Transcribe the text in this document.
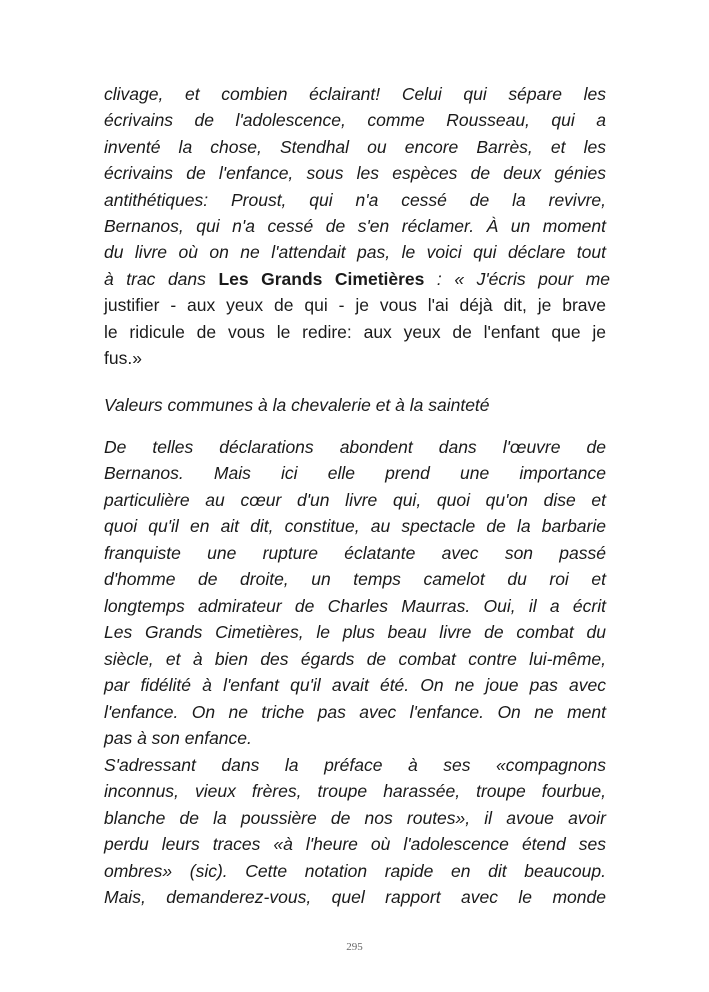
clivage, et combien éclairant! Celui qui sépare les
écrivains de l'adolescence, comme Rousseau, qui a
inventé la chose, Stendhal ou encore Barrès, et les
écrivains de l'enfance, sous les espèces de deux génies
antithétiques: Proust, qui n'a cessé de la revivre,
Bernanos, qui n'a cessé de s'en réclamer. À un moment
du livre où on ne l'attendait pas, le voici qui déclare tout
à trac dans Les Grands Cimetières : « J'écris pour me
justifier - aux yeux de qui - je vous l'ai déjà dit, je brave
le ridicule de vous le redire: aux yeux de l'enfant que je
fus.»
Valeurs communes à la chevalerie et à la sainteté
De telles déclarations abondent dans l'œuvre de
Bernanos. Mais ici elle prend une importance
particulière au cœur d'un livre qui, quoi qu'on dise et
quoi qu'il en ait dit, constitue, au spectacle de la barbarie
franquiste une rupture éclatante avec son passé
d'homme de droite, un temps camelot du roi et
longtemps admirateur de Charles Maurras. Oui, il a écrit
Les Grands Cimetières, le plus beau livre de combat du
siècle, et à bien des égards de combat contre lui-même,
par fidélité à l'enfant qu'il avait été. On ne joue pas avec
l'enfance. On ne triche pas avec l'enfance. On ne ment
pas à son enfance.
S'adressant dans la préface à ses «compagnons
inconnus, vieux frères, troupe harassée, troupe fourbue,
blanche de la poussière de nos routes», il avoue avoir
perdu leurs traces «à l'heure où l'adolescence étend ses
ombres» (sic). Cette notation rapide en dit beaucoup.
Mais, demanderez-vous, quel rapport avec le monde
295
